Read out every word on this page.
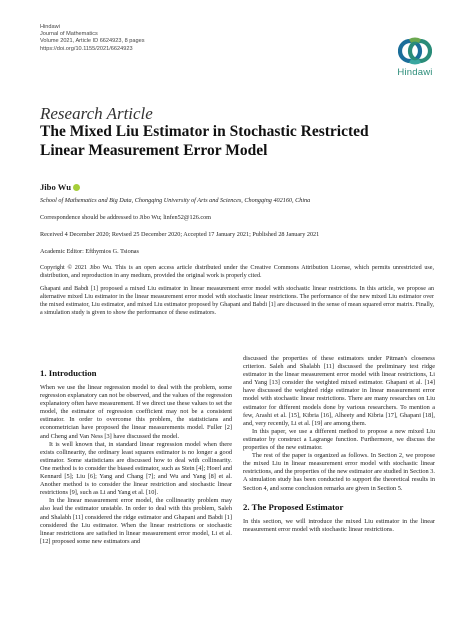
Hindawi
Journal of Mathematics
Volume 2021, Article ID 6624923, 8 pages
https://doi.org/10.1155/2021/6624923
Hindawi
Research Article
The Mixed Liu Estimator in Stochastic Restricted Linear Measurement Error Model
Jibo Wu
School of Mathematics and Big Data, Chongqing University of Arts and Sciences, Chongqing 402160, China
Correspondence should be addressed to Jibo Wu; linfen52@126.com
Received 4 December 2020; Revised 25 December 2020; Accepted 17 January 2021; Published 28 January 2021
Academic Editor: Efthymios G. Tsionas
Copyright © 2021 Jibo Wu. This is an open access article distributed under the Creative Commons Attribution License, which permits unrestricted use, distribution, and reproduction in any medium, provided the original work is properly cited.
Ghapani and Babdi [1] proposed a mixed Liu estimator in linear measurement error model with stochastic linear restrictions. In this article, we propose an alternative mixed Liu estimator in the linear measurement error model with stochastic linear restrictions. The performance of the new mixed Liu estimator over the mixed estimator, Liu estimator, and mixed Liu estimator proposed by Ghapani and Babdi [1] are discussed in the sense of mean squared error matrix. Finally, a simulation study is given to show the performance of these estimators.
1. Introduction

When we use the linear regression model to deal with the problem, some regression explanatory can not be observed, and the values of the regression explanatory often have measurement. If we direct use these values to set the model, the estimator of regression coefficient may not be a consistent estimator. In order to overcome this problem, the statisticians and econometrician have proposed the linear measurements model. Fuller [2] and Cheng and Van Ness [3] have discussed the model.

It is well known that, in standard linear regression model when there exists collinearity, the ordinary least squares estimator is no longer a good estimator. Some statisticians are discussed how to deal with collinearity. One method is to consider the biased estimator, such as Stein [4]; Hoerl and Kennard [5]; Liu [6]; Yang and Chang [7]; and Wu and Yang [8] et al. Another method is to consider the linear restriction and stochastic linear restrictions [9], such as Li and Yang et al. [10].

In the linear measurement error model, the collinearity problem may also lead the estimator unstable. In order to deal with this problem, Saleh and Shalabh [11] considered the ridge estimator and Ghapani and Babdi [1] considered the Liu estimator. When the linear restrictions or stochastic linear restrictions are satisfied in linear measurement error model, Li et al. [12] proposed some new estimators and

discussed the properties of these estimators under Pitman's closeness criterion. Saleh and Shalabh [11] discussed the preliminary test ridge estimator in the linear measurement error model with linear restrictions, Li and Yang [13] consider the weighted mixed estimator. Ghapani et al. [14] have discussed the weighted ridge estimator in linear measurement error model with stochastic linear restrictions. There are many researches on Liu estimator for different models done by various researchers. To mention a few, Arashi et al. [15], Kibria [16], Alheety and Kibria [17], Ghapani [18], and, very recently, Li et al. [19] are among them.

In this paper, we use a different method to propose a new mixed Liu estimator by construct a Lagrange function. Furthermore, we discuss the properties of the new estimator.

The rest of the paper is organized as follows. In Section 2, we propose the mixed Liu in linear measurement error model with stochastic linear restrictions, and the properties of the new estimator are studied in Section 3. A simulation study has been conducted to support the theoretical results in Section 4, and some conclusion remarks are given in Section 5.

2. The Proposed Estimator

In this section, we will introduce the mixed Liu estimator in the linear measurement error model with stochastic linear restrictions.
